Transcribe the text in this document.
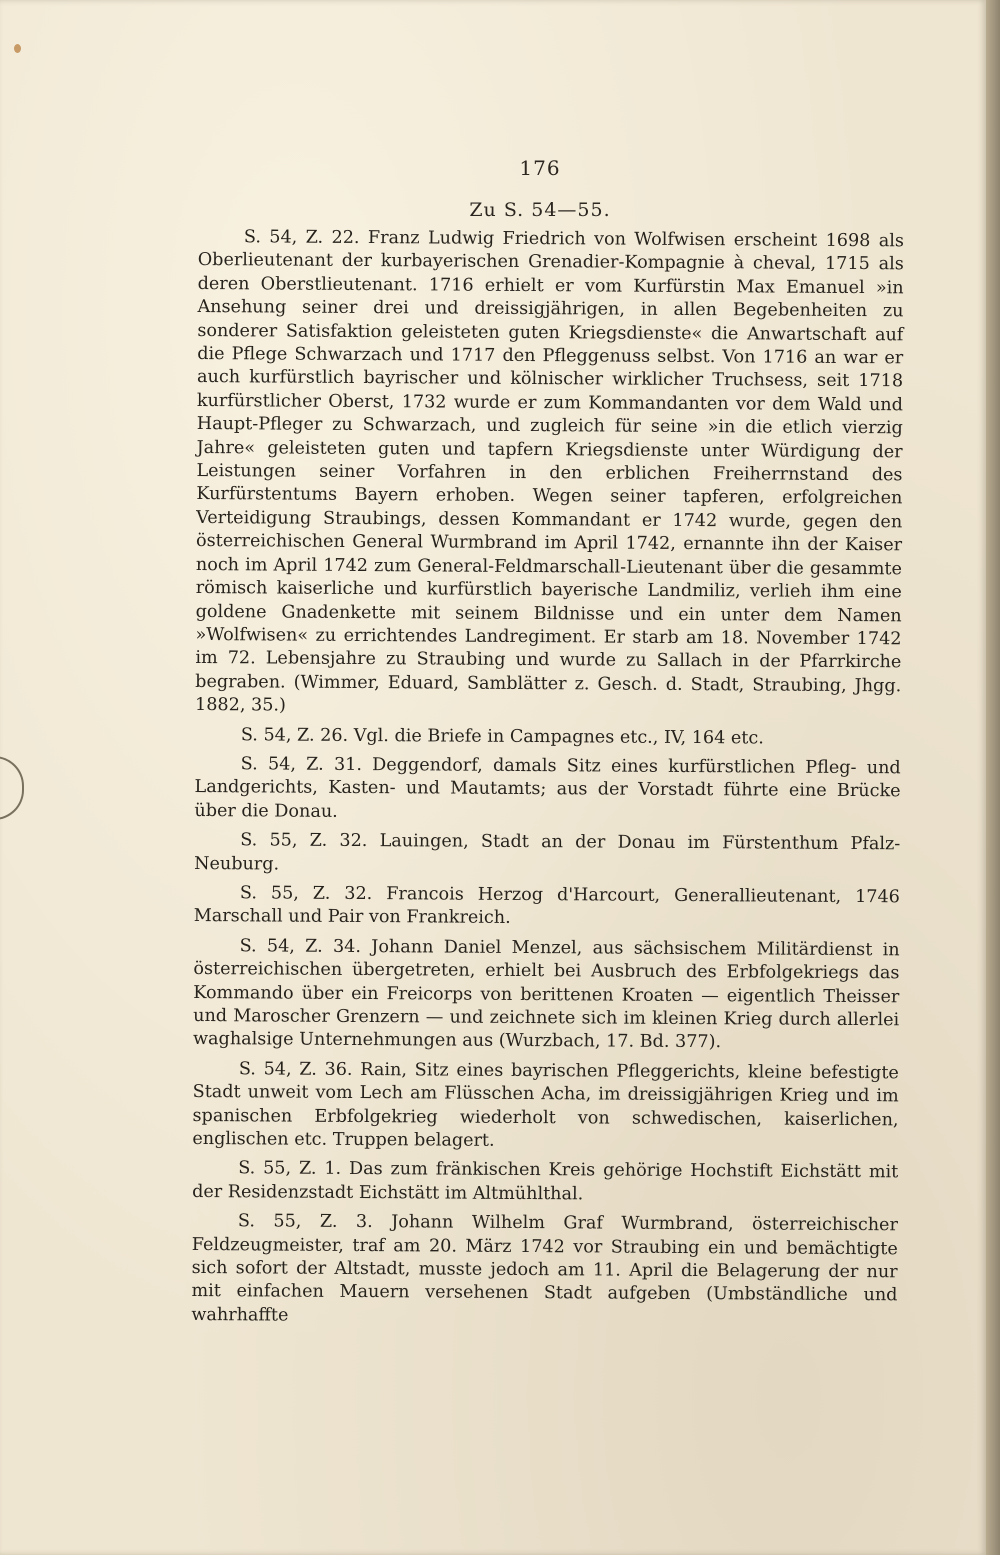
176
Zu S. 54—55.

S. 54, Z. 22. Franz Ludwig Friedrich von Wolfwisen erscheint 1698 als Oberlieutenant der kurbayerischen Grenadier-Kompagnie à cheval, 1715 als deren Oberstlieutenant. 1716 erhielt er vom Kurfürstin Max Emanuel »in Ansehung seiner drei und dreissigjährigen, in allen Begebenheiten zu sonderer Satisfaktion geleisteten guten Kriegsdienste« die Anwartschaft auf die Pflege Schwarzach und 1717 den Pfleggenuss selbst. Von 1716 an war er auch kurfürstlich bayrischer und kölnischer wirklicher Truchsess, seit 1718 kurfürstlicher Oberst, 1732 wurde er zum Kommandanten vor dem Wald und Haupt-Pfleger zu Schwarzach, und zugleich für seine »in die etlich vierzig Jahre« geleisteten guten und tapfern Kriegsdienste unter Würdigung der Leistungen seiner Vorfahren in den erblichen Freiherrnstand des Kurfürstentums Bayern erhoben. Wegen seiner tapferen, erfolgreichen Verteidigung Straubings, dessen Kommandant er 1742 wurde, gegen den österreichischen General Wurmbrand im April 1742, ernannte ihn der Kaiser noch im April 1742 zum General-Feldmarschall-Lieutenant über die gesammte römisch kaiserliche und kurfürstlich bayerische Landmiliz, verlieh ihm eine goldene Gnadenkette mit seinem Bildnisse und ein unter dem Namen »Wolfwisen« zu errichtendes Landregiment. Er starb am 18. November 1742 im 72. Lebensjahre zu Straubing und wurde zu Sallach in der Pfarrkirche begraben. (Wimmer, Eduard, Samblätter z. Gesch. d. Stadt, Straubing, Jhgg. 1882, 35.)

S. 54, Z. 26. Vgl. die Briefe in Campagnes etc., IV, 164 etc.

S. 54, Z. 31. Deggendorf, damals Sitz eines kurfürstlichen Pfleg- und Landgerichts, Kasten- und Mautamts; aus der Vorstadt führte eine Brücke über die Donau.

S. 55, Z. 32. Lauingen, Stadt an der Donau im Fürstenthum Pfalz-Neuburg.

S. 55, Z. 32. Francois Herzog d'Harcourt, Generallieutenant, 1746 Marschall und Pair von Frankreich.

S. 54, Z. 34. Johann Daniel Menzel, aus sächsischem Militärdienst in österreichischen übergetreten, erhielt bei Ausbruch des Erbfolgekriegs das Kommando über ein Freicorps von berittenen Kroaten — eigentlich Theisser und Maroscher Grenzern — und zeichnete sich im kleinen Krieg durch allerlei waghalsige Unternehmungen aus (Wurzbach, 17. Bd. 377).

S. 54, Z. 36. Rain, Sitz eines bayrischen Pfleggerichts, kleine befestigte Stadt unweit vom Lech am Flüsschen Acha, im dreissigjährigen Krieg und im spanischen Erbfolgekrieg wiederholt von schwedischen, kaiserlichen, englischen etc. Truppen belagert.

S. 55, Z. 1. Das zum fränkischen Kreis gehörige Hochstift Eichstätt mit der Residenzstadt Eichstätt im Altmühlthal.

S. 55, Z. 3. Johann Wilhelm Graf Wurmbrand, österreichischer Feldzeugmeister, traf am 20. März 1742 vor Straubing ein und bemächtigte sich sofort der Altstadt, musste jedoch am 11. April die Belagerung der nur mit einfachen Mauern versehenen Stadt aufgeben (Umbständliche und wahrhaffte
